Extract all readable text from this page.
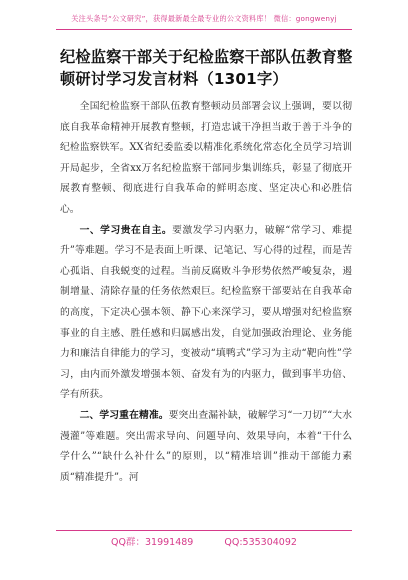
关注头条号“公文研究”，获得最新最全最专业的公文资料库！ 微信：gongwenyj
纪检监察干部关于纪检监察干部队伍教育整顿研讨学习发言材料（1301字）

全国纪检监察干部队伍教育整顿动员部署会议上强调，要以彻底自我革命精神开展教育整顿，打造忠诚干净担当敢于善于斗争的纪检监察铁军。XX省纪委监委以精准化系统化常态化全员学习培训开局起步，全省xx万名纪检监察干部同步集训练兵，彰显了彻底开展教育整顿、彻底进行自我革命的鲜明态度、坚定决心和必胜信心。

一、学习贵在自主。要激发学习内驱力，破解“常学习、难提升”等难题。学习不是表面上听课、记笔记、写心得的过程，而是苦心孤诣、自我蜕变的过程。当前反腐败斗争形势依然严峻复杂，遏制增量、清除存量的任务依然艰巨。纪检监察干部要站在自我革命的高度，下定决心强本领、静下心来深学习，要从增强对纪检监察事业的自主感、胜任感和归属感出发，自觉加强政治理论、业务能力和廉洁自律能力的学习，变被动“填鸭式”学习为主动“靶向性”学习，由内而外激发增强本领、奋发有为的内驱力，做到事半功倍、学有所获。

二、学习重在精准。要突出查漏补缺，破解学习“一刀切”“大水漫灌”等难题。突出需求导向、问题导向、效果导向，本着“干什么学什么”“缺什么补什么”的原则，以“精准培训”推动干部能力素质“精准提升”。河

QQ群：31991489	QQ:535304092
